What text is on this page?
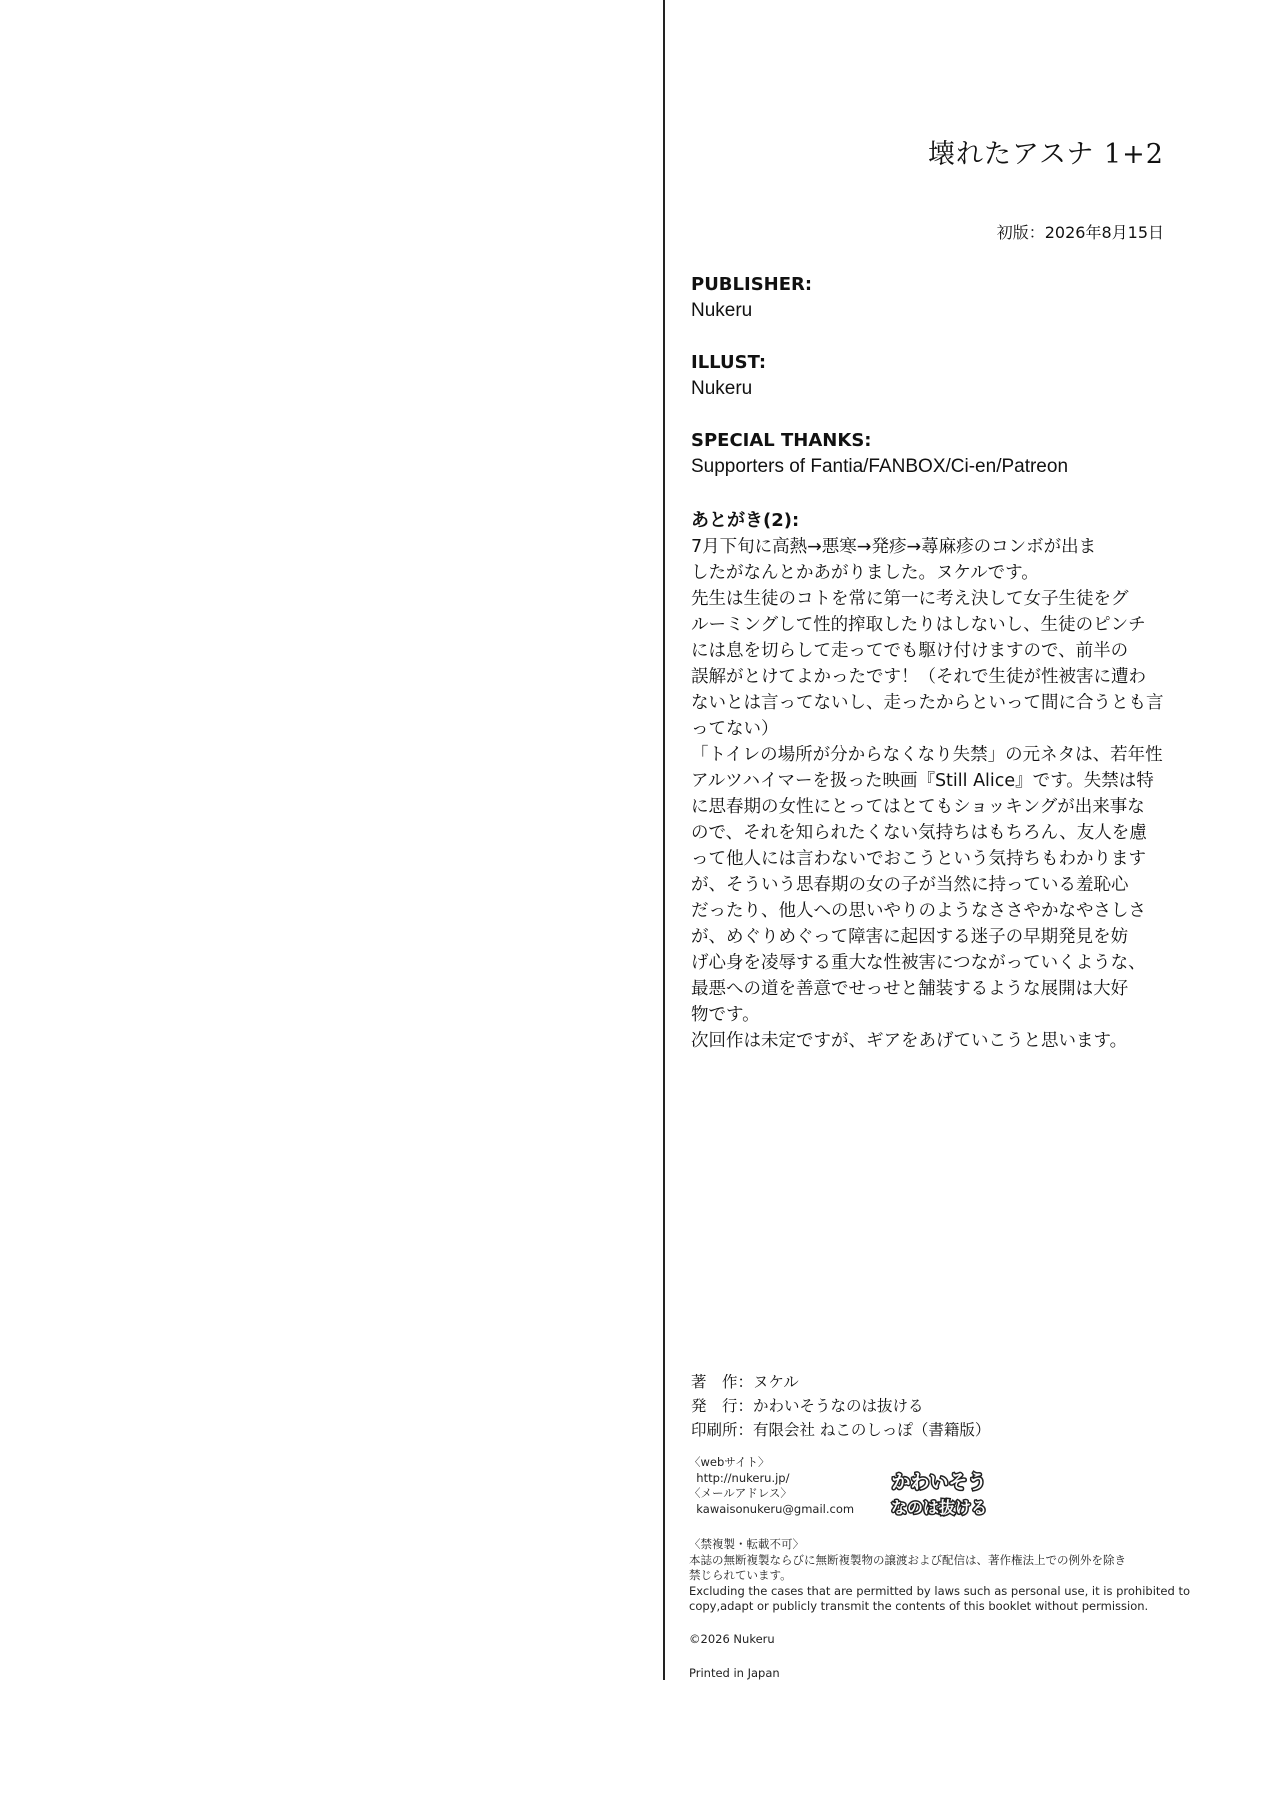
壊れたアスナ 1+2
初版：2026年8月15日
PUBLISHER:
Nukeru
ILLUST:
Nukeru
SPECIAL THANKS:
Supporters of Fantia/FANBOX/Ci-en/Patreon
あとがき(2):
7月下旬に高熱→悪寒→発疹→蕁麻疹のコンボが出ま
したがなんとかあがりました。ヌケルです。
先生は生徒のコトを常に第一に考え決して女子生徒をグ
ルーミングして性的搾取したりはしないし、生徒のピンチ
には息を切らして走ってでも駆け付けますので、前半の
誤解がとけてよかったです！（それで生徒が性被害に遭わ
ないとは言ってないし、走ったからといって間に合うとも言
ってない）
「トイレの場所が分からなくなり失禁」の元ネタは、若年性
アルツハイマーを扱った映画『Still Alice』です。失禁は特
に思春期の女性にとってはとてもショッキングが出来事な
ので、それを知られたくない気持ちはもちろん、友人を慮
って他人には言わないでおこうという気持ちもわかります
が、そういう思春期の女の子が当然に持っている羞恥心
だったり、他人への思いやりのようなささやかなやさしさ
が、めぐりめぐって障害に起因する迷子の早期発見を妨
げ心身を凌辱する重大な性被害につながっていくような、
最悪への道を善意でせっせと舗装するような展開は大好
物です。
次回作は未定ですが、ギアをあげていこうと思います。
著　作：ヌケル
発　行：かわいそうなのは抜ける
印刷所：有限会社 ねこのしっぽ（書籍版）
〈webサイト〉
http://nukeru.jp/
〈メールアドレス〉
kawaisonukeru@gmail.com
かわいそう
なのは抜ける
〈禁複製・転載不可〉
本誌の無断複製ならびに無断複製物の譲渡および配信は、著作権法上での例外を除き
禁じられています。
Excluding the cases that are permitted by laws such as personal use, it is prohibited to
copy,adapt or publicly transmit the contents of this booklet without permission.
©2026 Nukeru
Printed in Japan
